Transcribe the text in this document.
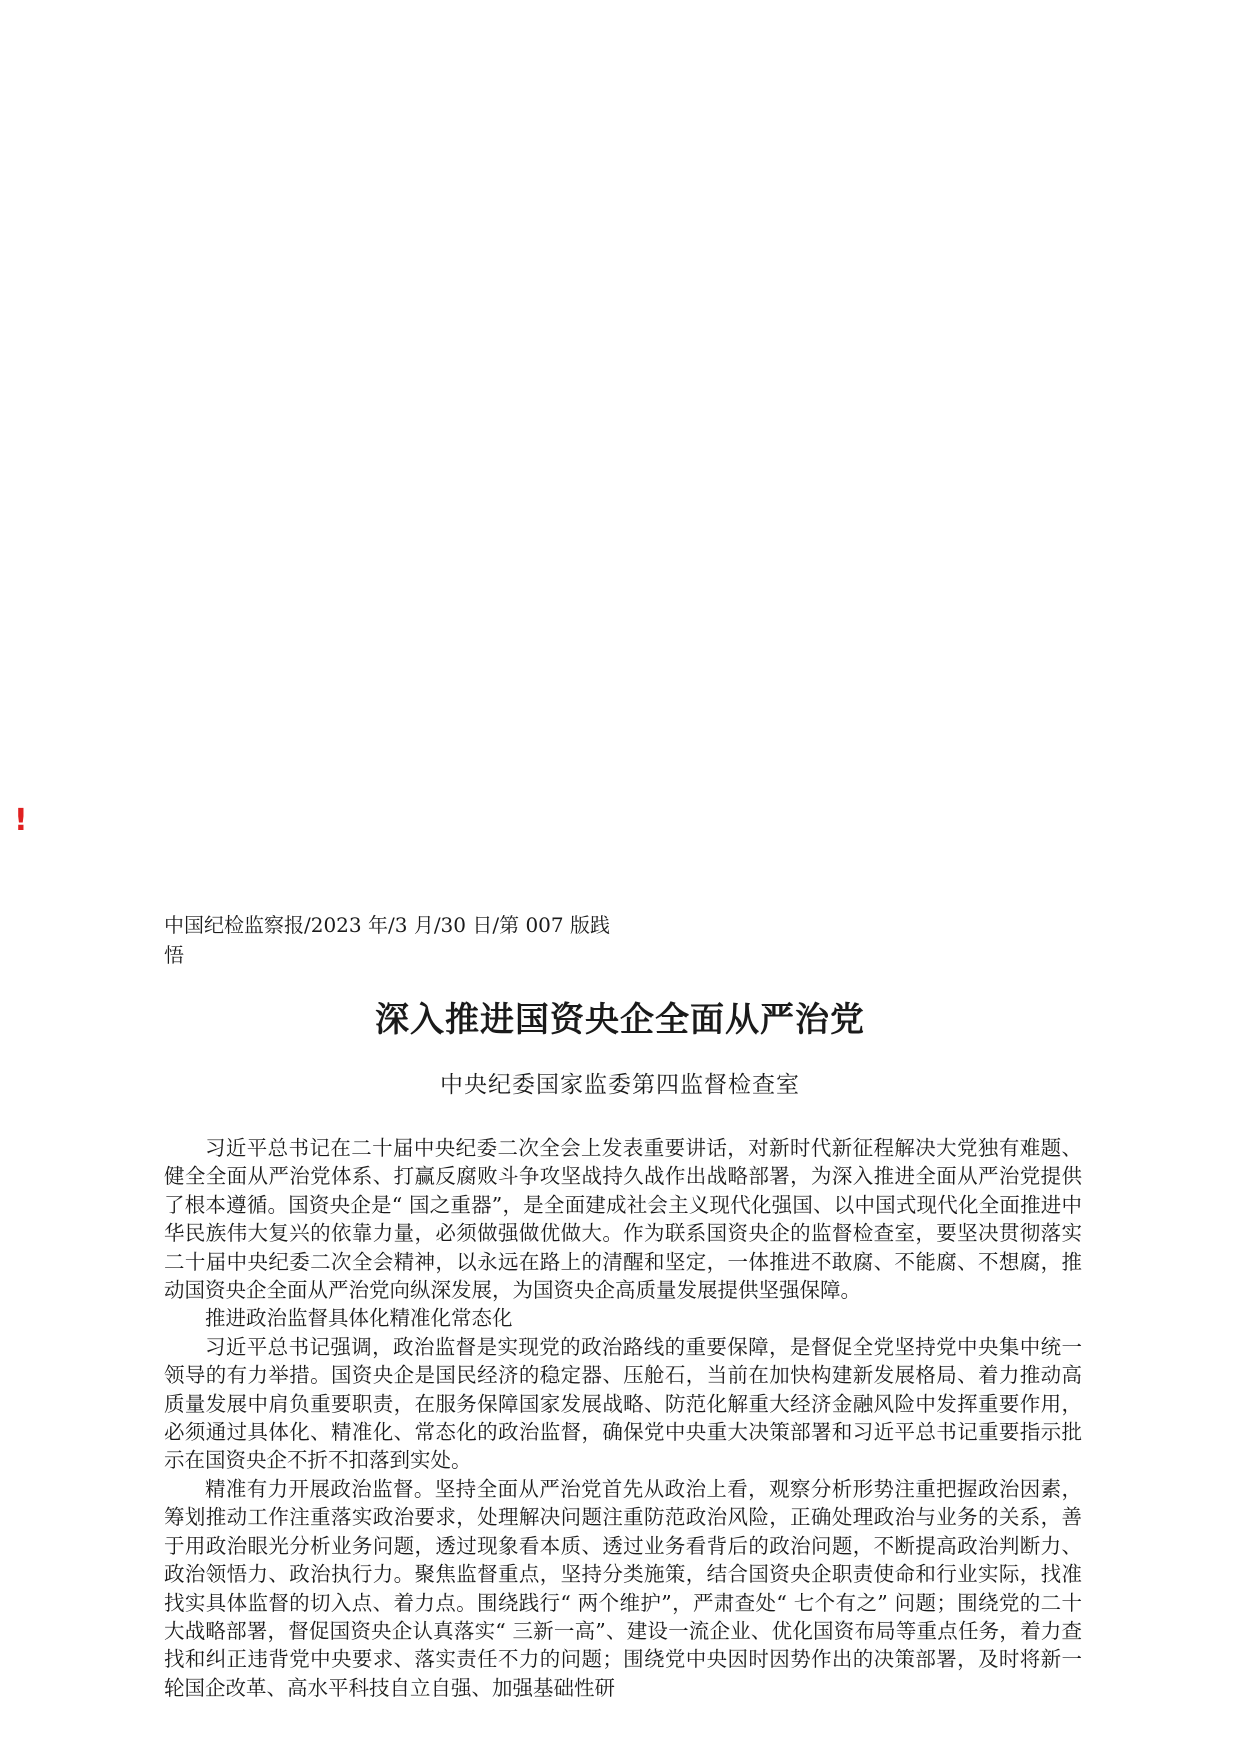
!
中国纪检监察报/2023 年/3 月/30 日/第 007 版践悟
深入推进国资央企全面从严治党
中央纪委国家监委第四监督检查室

习近平总书记在二十届中央纪委二次全会上发表重要讲话，对新时代新征程解决大党独有难题、健全全面从严治党体系、打赢反腐败斗争攻坚战持久战作出战略部署，为深入推进全面从严治党提供了根本遵循。国资央企是“ 国之重器”，是全面建成社会主义现代化强国、以中国式现代化全面推进中华民族伟大复兴的依靠力量，必须做强做优做大。作为联系国资央企的监督检查室，要坚决贯彻落实二十届中央纪委二次全会精神，以永远在路上的清醒和坚定，一体推进不敢腐、不能腐、不想腐，推动国资央企全面从严治党向纵深发展，为国资央企高质量发展提供坚强保障。

推进政治监督具体化精准化常态化

习近平总书记强调，政治监督是实现党的政治路线的重要保障，是督促全党坚持党中央集中统一领导的有力举措。国资央企是国民经济的稳定器、压舱石，当前在加快构建新发展格局、着力推动高质量发展中肩负重要职责，在服务保障国家发展战略、防范化解重大经济金融风险中发挥重要作用，必须通过具体化、精准化、常态化的政治监督，确保党中央重大决策部署和习近平总书记重要指示批示在国资央企不折不扣落到实处。

精准有力开展政治监督。坚持全面从严治党首先从政治上看，观察分析形势注重把握政治因素，筹划推动工作注重落实政治要求，处理解决问题注重防范政治风险，正确处理政治与业务的关系，善于用政治眼光分析业务问题，透过现象看本质、透过业务看背后的政治问题，不断提高政治判断力、政治领悟力、政治执行力。聚焦监督重点，坚持分类施策，结合国资央企职责使命和行业实际，找准找实具体监督的切入点、着力点。围绕践行“ 两个维护”，严肃查处“ 七个有之” 问题；围绕党的二十大战略部署，督促国资央企认真落实“ 三新一高”、建设一流企业、优化国资布局等重点任务，着力查找和纠正违背党中央要求、落实责任不力的问题；围绕党中央因时因势作出的决策部署，及时将新一轮国企改革、高水平科技自立自强、加强基础性研
